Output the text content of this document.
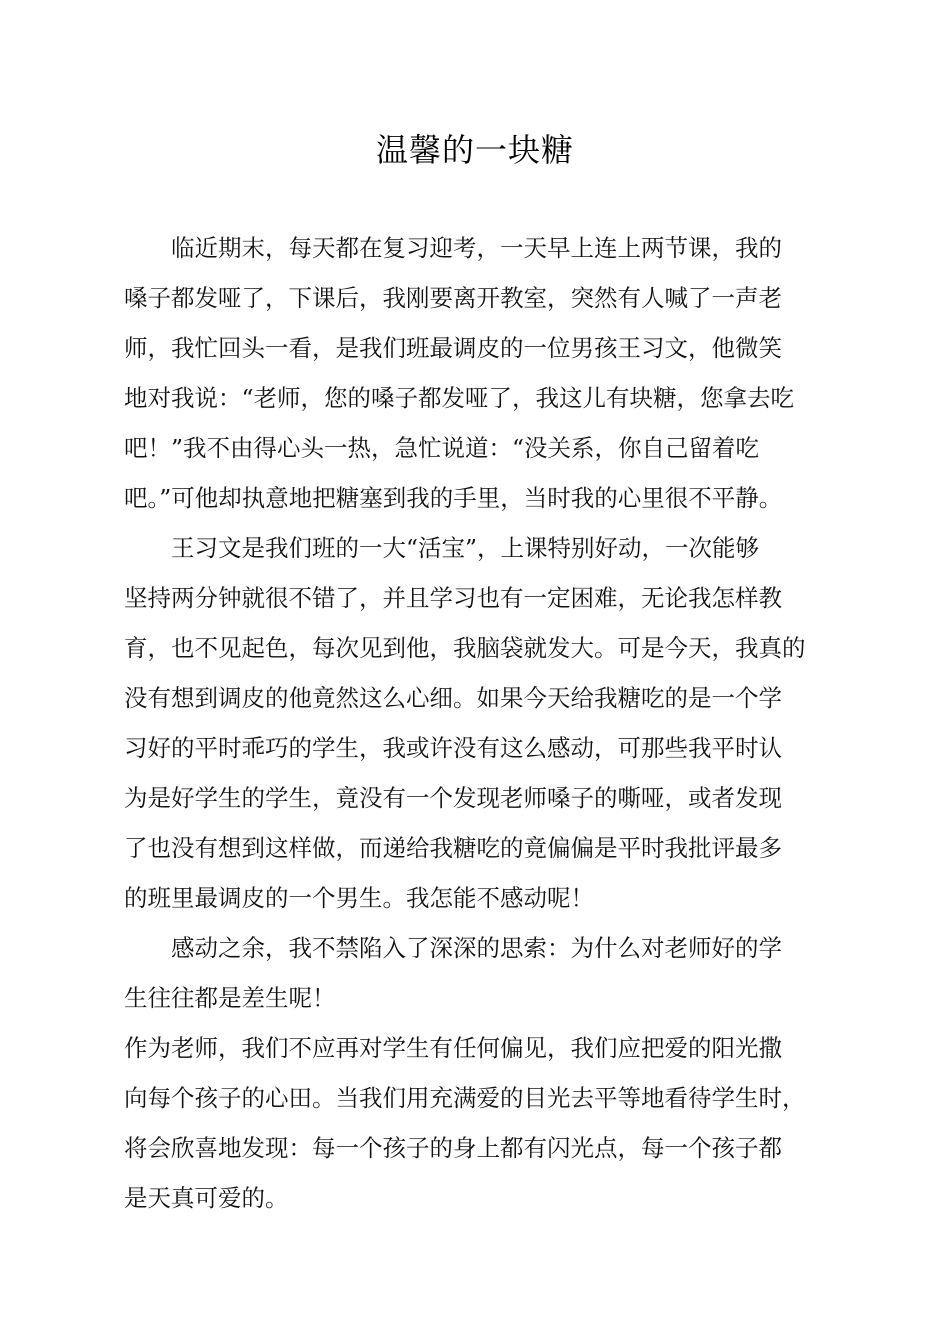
温馨的一块糖
　　临近期末，每天都在复习迎考，一天早上连上两节课，我的
嗓子都发哑了，下课后，我刚要离开教室，突然有人喊了一声老
师，我忙回头一看，是我们班最调皮的一位男孩王习文，他微笑
地对我说：“老师，您的嗓子都发哑了，我这儿有块糖，您拿去吃
吧！”我不由得心头一热，急忙说道：“没关系，你自己留着吃
吧。”可他却执意地把糖塞到我的手里，当时我的心里很不平静。
　　王习文是我们班的一大“活宝”，上课特别好动，一次能够
坚持两分钟就很不错了，并且学习也有一定困难，无论我怎样教
育，也不见起色，每次见到他，我脑袋就发大。可是今天，我真的
没有想到调皮的他竟然这么心细。如果今天给我糖吃的是一个学
习好的平时乖巧的学生，我或许没有这么感动，可那些我平时认
为是好学生的学生，竟没有一个发现老师嗓子的嘶哑，或者发现
了也没有想到这样做，而递给我糖吃的竟偏偏是平时我批评最多
的班里最调皮的一个男生。我怎能不感动呢！
　　感动之余，我不禁陷入了深深的思索：为什么对老师好的学
生往往都是差生呢！
作为老师，我们不应再对学生有任何偏见，我们应把爱的阳光撒
向每个孩子的心田。当我们用充满爱的目光去平等地看待学生时，
将会欣喜地发现：每一个孩子的身上都有闪光点，每一个孩子都
是天真可爱的。
